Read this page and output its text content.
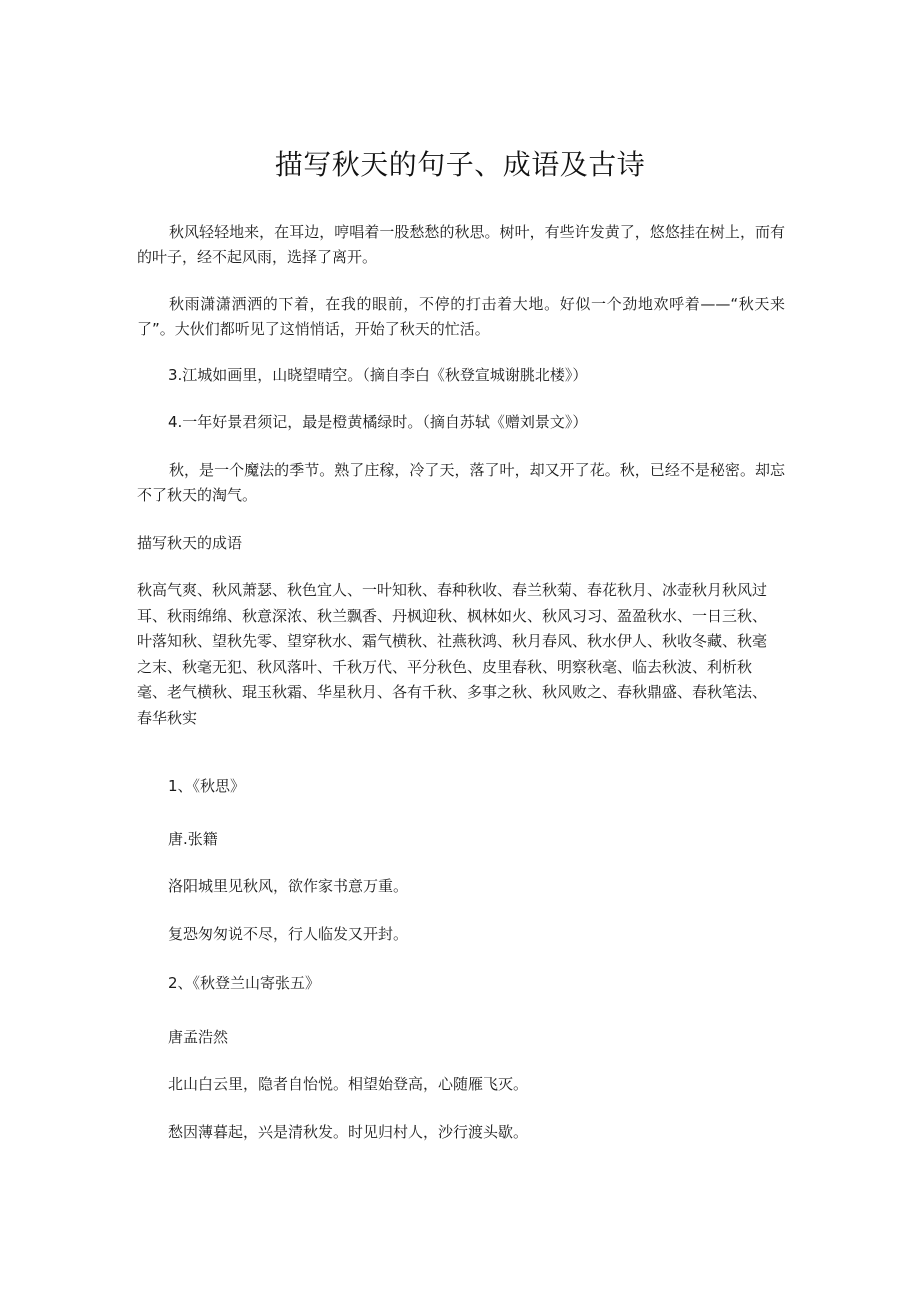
描写秋天的句子、成语及古诗

秋风轻轻地来，在耳边，哼唱着一股愁愁的秋思。树叶，有些许发黄了，悠悠挂在树上，而有的叶子，经不起风雨，选择了离开。

秋雨潇潇洒洒的下着，在我的眼前，不停的打击着大地。好似一个劲地欢呼着——“秋天来了”。大伙们都听见了这悄悄话，开始了秋天的忙活。

3.江城如画里，山晓望晴空。（摘自李白《秋登宣城谢朓北楼》）

4.一年好景君须记，最是橙黄橘绿时。（摘自苏轼《赠刘景文》）

秋，是一个魔法的季节。熟了庄稼，冷了天，落了叶，却又开了花。秋，已经不是秘密。却忘不了秋天的淘气。

描写秋天的成语

秋高气爽、秋风萧瑟、秋色宜人、一叶知秋、春种秋收、春兰秋菊、春花秋月、冰壶秋月秋风过耳、秋雨绵绵、秋意深浓、秋兰飘香、丹枫迎秋、枫林如火、秋风习习、盈盈秋水、一日三秋、叶落知秋、望秋先零、望穿秋水、霜气横秋、社燕秋鸿、秋月春风、秋水伊人、秋收冬藏、秋毫之末、秋毫无犯、秋风落叶、千秋万代、平分秋色、皮里春秋、明察秋毫、临去秋波、利析秋毫、老气横秋、琨玉秋霜、华星秋月、各有千秋、多事之秋、秋风败之、春秋鼎盛、春秋笔法、春华秋实

1、《秋思》

唐.张籍

洛阳城里见秋风，欲作家书意万重。

复恐匆匆说不尽，行人临发又开封。

2、《秋登兰山寄张五》

唐孟浩然

北山白云里，隐者自怡悦。相望始登高，心随雁飞灭。

愁因薄暮起，兴是清秋发。时见归村人，沙行渡头歇。
